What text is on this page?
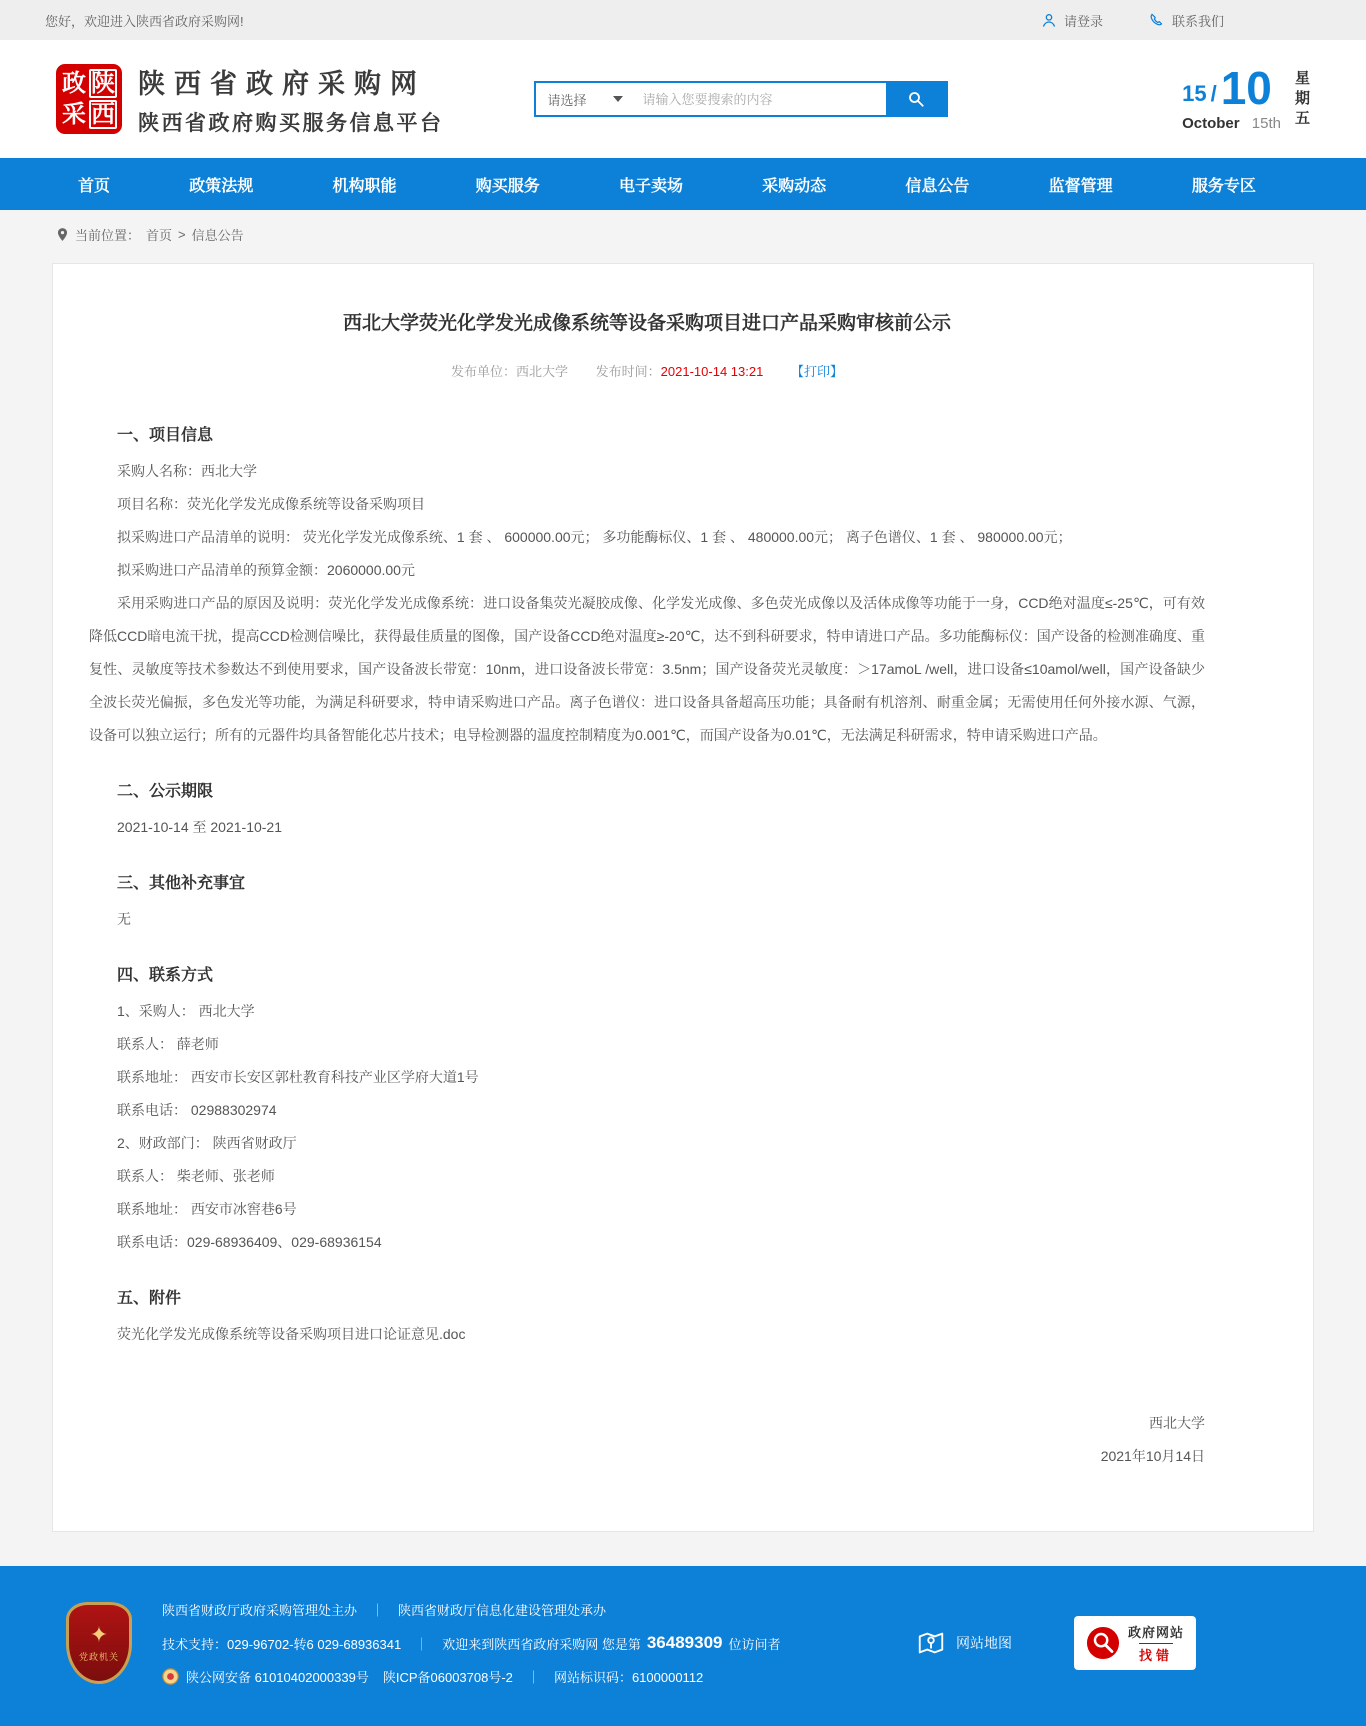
您好，欢迎进入陕西省政府采购网!	请登录	联系我们
政 陕
采 西
陕西省政府采购网
陕西省政府购买服务信息平台
请选择
请输入您要搜索的内容	15 / 10
October 15th
星
期
五
首页	政策法规	机构职能	购买服务	电子卖场	采购动态	信息公告	监督管理	服务专区
当前位置： 首页 > 信息公告
西北大学荧光化学发光成像系统等设备采购项目进口产品采购审核前公示
发布单位：西北大学 发布时间：2021-10-14 13:21 【打印】
一、项目信息

采购人名称：西北大学

项目名称：荧光化学发光成像系统等设备采购项目

拟采购进口产品清单的说明： 荧光化学发光成像系统、1 套 、 600000.00元； 多功能酶标仪、1 套 、 480000.00元； 离子色谱仪、1 套 、 980000.00元；

拟采购进口产品清单的预算金额：2060000.00元

采用采购进口产品的原因及说明：荧光化学发光成像系统：进口设备集荧光凝胶成像、化学发光成像、多色荧光成像以及活体成像等功能于一身，CCD绝对温度≤-25℃，可有效降低CCD暗电流干扰，提高CCD检测信噪比，获得最佳质量的图像，国产设备CCD绝对温度≥-20℃，达不到科研要求，特申请进口产品。多功能酶标仪：国产设备的检测准确度、重复性、灵敏度等技术参数达不到使用要求，国产设备波长带宽：10nm，进口设备波长带宽：3.5nm；国产设备荧光灵敏度：＞17amoL /well，进口设备≤10amol/well，国产设备缺少全波长荧光偏振，多色发光等功能，为满足科研要求，特申请采购进口产品。离子色谱仪：进口设备具备超高压功能；具备耐有机溶剂、耐重金属；无需使用任何外接水源、气源，设备可以独立运行；所有的元器件均具备智能化芯片技术；电导检测器的温度控制精度为0.001℃，而国产设备为0.01℃，无法满足科研需求，特申请采购进口产品。

二、公示期限

2021-10-14 至 2021-10-21

三、其他补充事宜

无

四、联系方式

1、采购人： 西北大学

联系人： 薛老师

联系地址： 西安市长安区郭杜教育科技产业区学府大道1号

联系电话： 02988302974

2、财政部门： 陕西省财政厅

联系人： 柴老师、张老师

联系地址： 西安市冰窖巷6号

联系电话：029-68936409、029-68936154

五、附件

荧光化学发光成像系统等设备采购项目进口论证意见.doc

西北大学

2021年10月14日

✦
党政机关
陕西省财政厅政府采购管理处主办 ｜ 陕西省财政厅信息化建设管理处承办
技术支持：029-96702-转6 029-68936341 ｜ 欢迎来到陕西省政府采购网 您是第 36489309 位访问者
陕公网安备 61010402000339号 陕ICP备06003708号-2 ｜ 网站标识码：6100000112
网站地图
政府网站
找错
